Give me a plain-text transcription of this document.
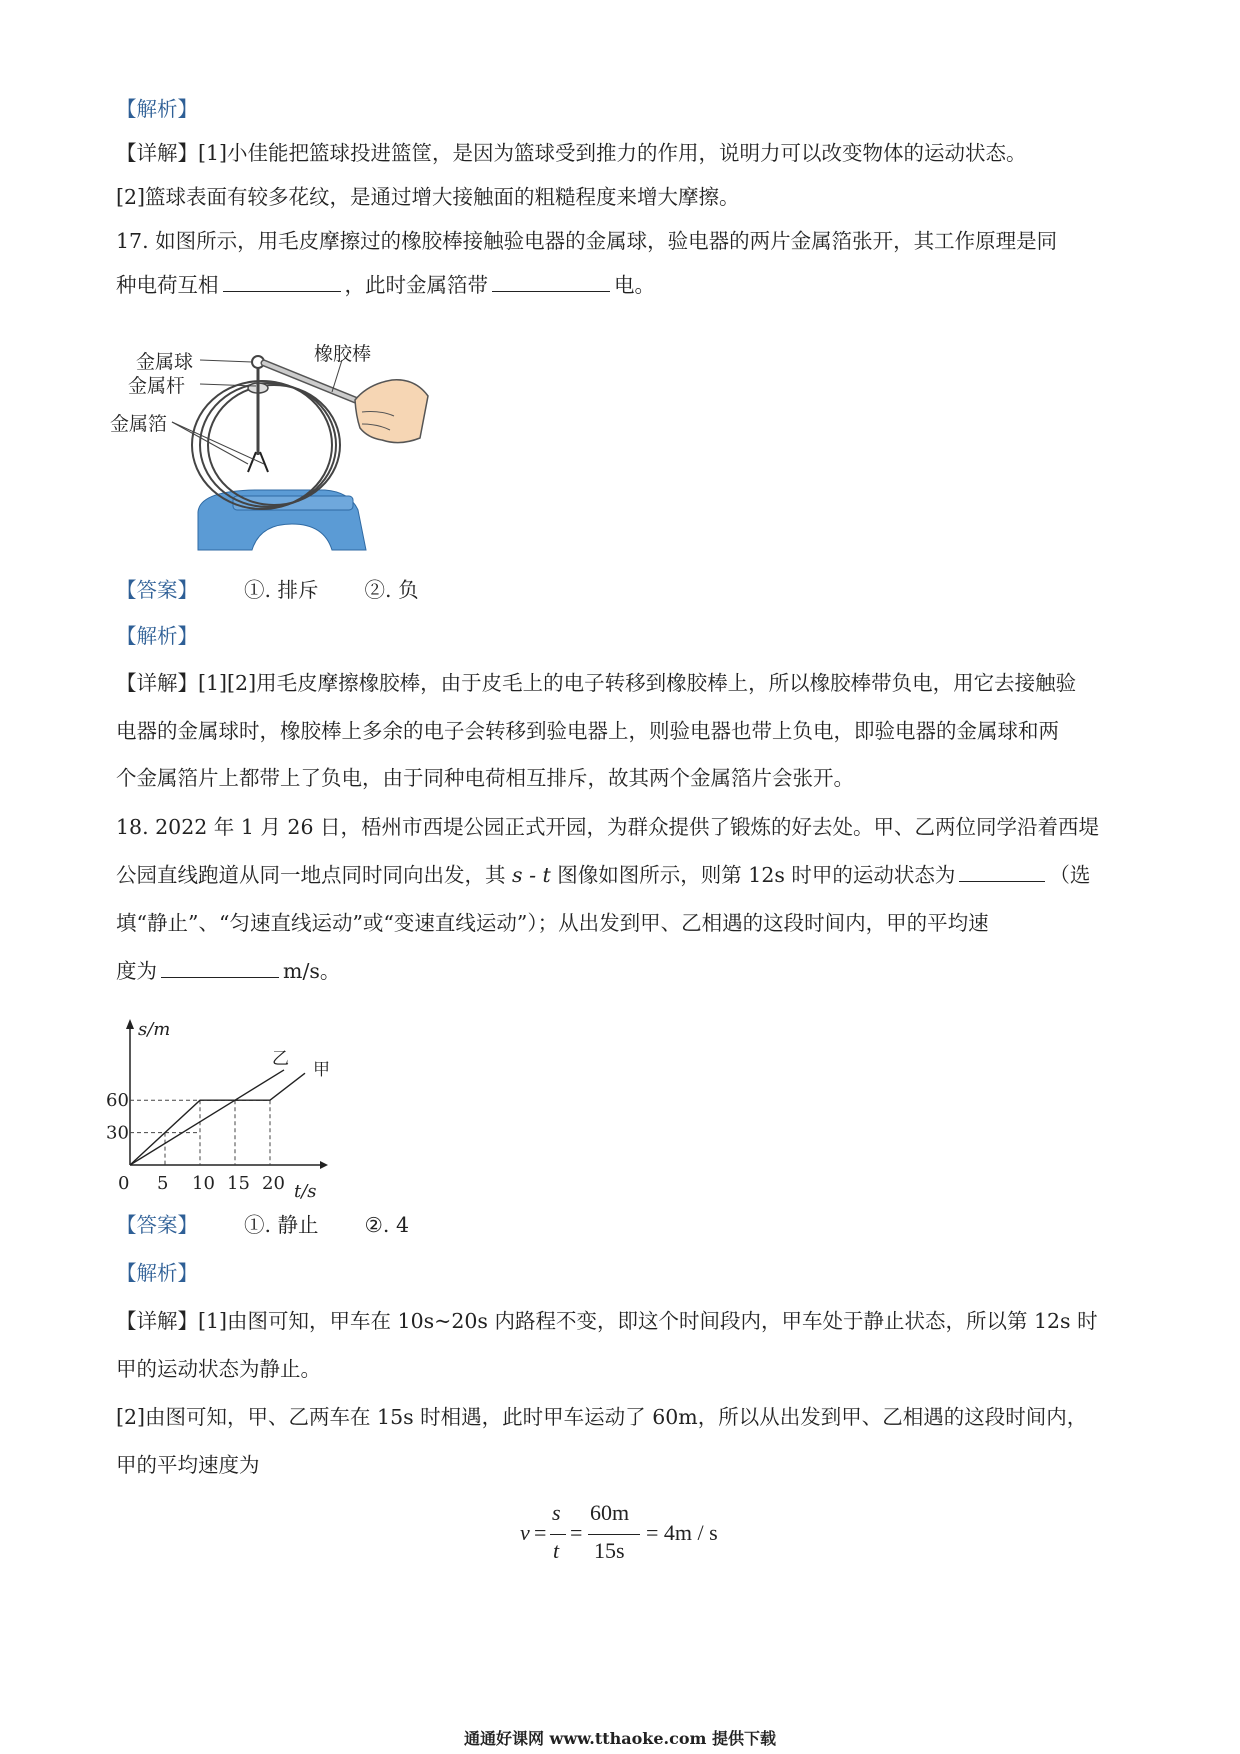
【解析】
【详解】[1]小佳能把篮球投进篮筐，是因为篮球受到推力的作用，说明力可以改变物体的运动状态。
[2]篮球表面有较多花纹，是通过增大接触面的粗糙程度来增大摩擦。
17. 如图所示，用毛皮摩擦过的橡胶棒接触验电器的金属球，验电器的两片金属箔张开，其工作原理是同
种电荷互相	，此时金属箔带	电。
金属球
金属杆
金属箔
橡胶棒
【答案】 ①. 排斥 ②. 负
【解析】
【详解】[1][2]用毛皮摩擦橡胶棒，由于皮毛上的电子转移到橡胶棒上，所以橡胶棒带负电，用它去接触验
电器的金属球时，橡胶棒上多余的电子会转移到验电器上，则验电器也带上负电，即验电器的金属球和两
个金属箔片上都带上了负电，由于同种电荷相互排斥，故其两个金属箔片会张开。
18. 2022 年 1 月 26 日，梧州市西堤公园正式开园，为群众提供了锻炼的好去处。甲、乙两位同学沿着西堤
公园直线跑道从同一地点同时同向出发，其 s - t 图像如图所示，则第 12s 时甲的运动状态为	（选
填“静止”、“匀速直线运动”或“变速直线运动”）；从出发到甲、乙相遇的这段时间内，甲的平均速
度为	m/s。
s/m
t/s
0 5 10 15 20
30
60
乙
甲
【答案】 ①. 静止 ②. 4
【解析】
【详解】[1]由图可知，甲车在 10s~20s 内路程不变，即这个时间段内，甲车处于静止状态，所以第 12s 时
甲的运动状态为静止。
[2]由图可知，甲、乙两车在 15s 时相遇，此时甲车运动了 60m，所以从出发到甲、乙相遇的这段时间内，
甲的平均速度为
v =
s
t
=
60m
15s
= 4m / s
通通好课网 www.tthaoke.com 提供下载
